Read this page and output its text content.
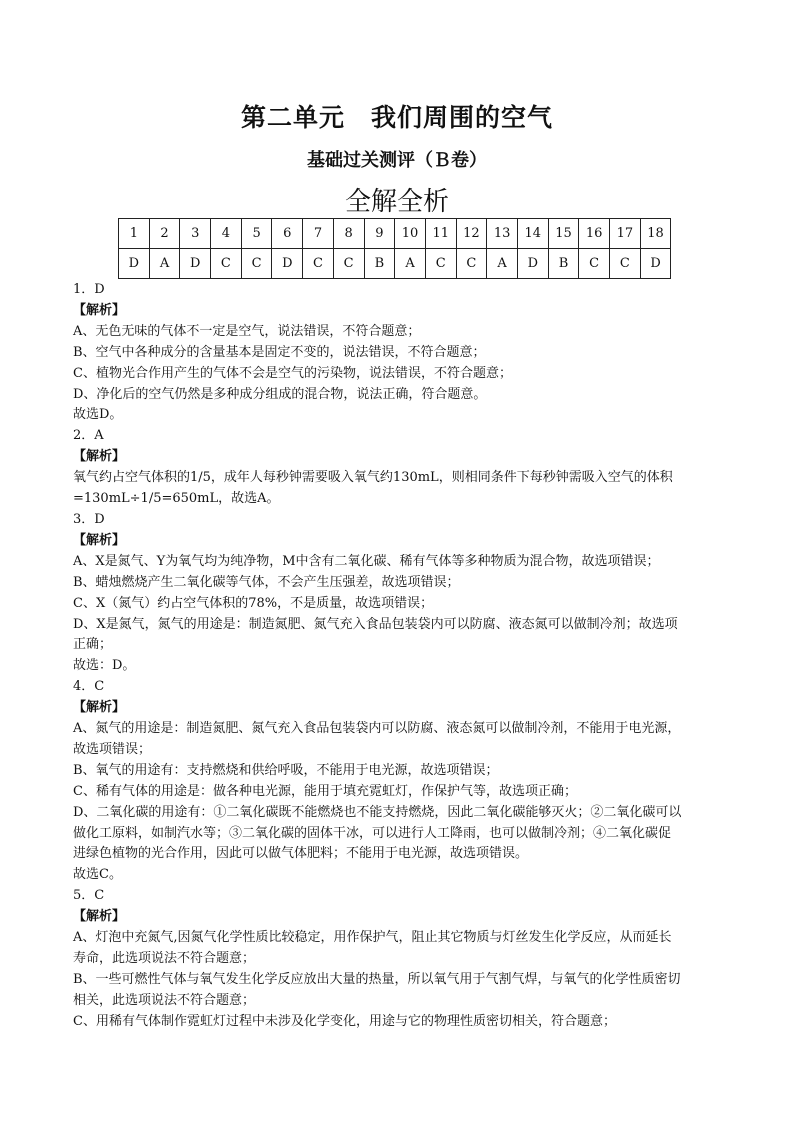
第二单元　我们周围的空气
基础过关测评（Ｂ卷）
全解全析
1	2	3	4	5	6	7	8	9	10	11	12	13	14	15	16	17	18
D	A	D	C	C	D	C	C	B	A	C	C	A	D	B	C	C	D
1．D
【解析】
A、无色无味的气体不一定是空气，说法错误，不符合题意；
B、空气中各种成分的含量基本是固定不变的，说法错误，不符合题意；
C、植物光合作用产生的气体不会是空气的污染物，说法错误，不符合题意；
D、净化后的空气仍然是多种成分组成的混合物，说法正确，符合题意。
故选D。
2．A
【解析】
氧气约占空气体积的1/5，成年人每秒钟需要吸入氧气约130mL，则相同条件下每秒钟需吸入空气的体积
=130mL÷1/5=650mL，故选A。
3．D
【解析】
A、X是氮气、Y为氧气均为纯净物，M中含有二氧化碳、稀有气体等多种物质为混合物，故选项错误；
B、蜡烛燃烧产生二氧化碳等气体，不会产生压强差，故选项错误；
C、X（氮气）约占空气体积的78%，不是质量，故选项错误；
D、X是氮气，氮气的用途是：制造氮肥、氮气充入食品包装袋内可以防腐、液态氮可以做制冷剂；故选项
正确；
故选：D。
4．C
【解析】
A、氮气的用途是：制造氮肥、氮气充入食品包装袋内可以防腐、液态氮可以做制冷剂，不能用于电光源，
故选项错误；
B、氧气的用途有：支持燃烧和供给呼吸，不能用于电光源，故选项错误；
C、稀有气体的用途是：做各种电光源，能用于填充霓虹灯，作保护气等，故选项正确；
D、二氧化碳的用途有：①二氧化碳既不能燃烧也不能支持燃烧，因此二氧化碳能够灭火；②二氧化碳可以
做化工原料，如制汽水等；③二氧化碳的固体干冰，可以进行人工降雨，也可以做制冷剂；④二氧化碳促
进绿色植物的光合作用，因此可以做气体肥料；不能用于电光源，故选项错误。
故选C。
5．C
【解析】
A、灯泡中充氮气,因氮气化学性质比较稳定，用作保护气，阻止其它物质与灯丝发生化学反应，从而延长
寿命，此选项说法不符合题意；
B、一些可燃性气体与氧气发生化学反应放出大量的热量，所以氧气用于气割气焊，与氧气的化学性质密切
相关，此选项说法不符合题意；
C、用稀有气体制作霓虹灯过程中未涉及化学变化，用途与它的物理性质密切相关，符合题意；
